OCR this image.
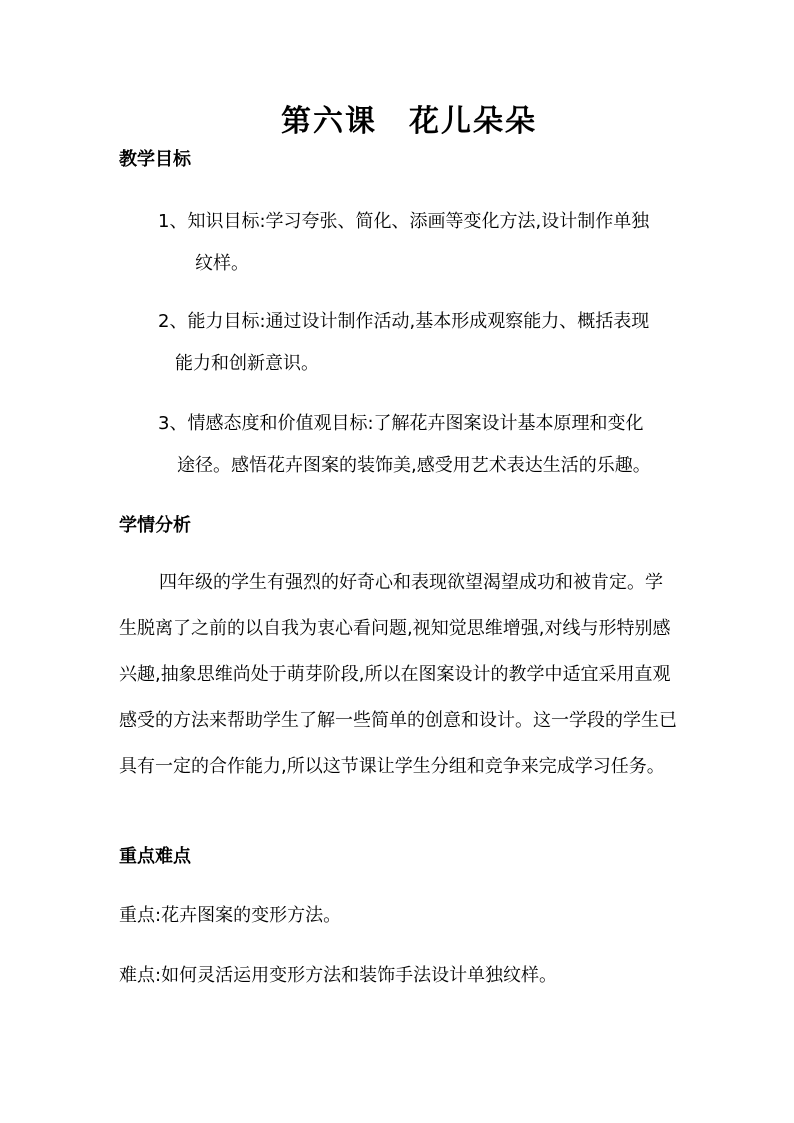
第六课　花儿朵朵
教学目标
1、知识目标:学习夸张、简化、添画等变化方法,设计制作单独
纹样。
2、能力目标:通过设计制作活动,基本形成观察能力、概括表现
能力和创新意识。
3、情感态度和价值观目标:了解花卉图案设计基本原理和变化
途径。感悟花卉图案的装饰美,感受用艺术表达生活的乐趣。
学情分析
四年级的学生有强烈的好奇心和表现欲望渴望成功和被肯定。学生脱离了之前的以自我为衷心看问题,视知觉思维增强,对线与形特别感兴趣,抽象思维尚处于萌芽阶段,所以在图案设计的教学中适宜采用直观感受的方法来帮助学生了解一些简单的创意和设计。这一学段的学生已具有一定的合作能力,所以这节课让学生分组和竞争来完成学习任务。
重点难点
重点:花卉图案的变形方法。
难点:如何灵活运用变形方法和装饰手法设计单独纹样。
